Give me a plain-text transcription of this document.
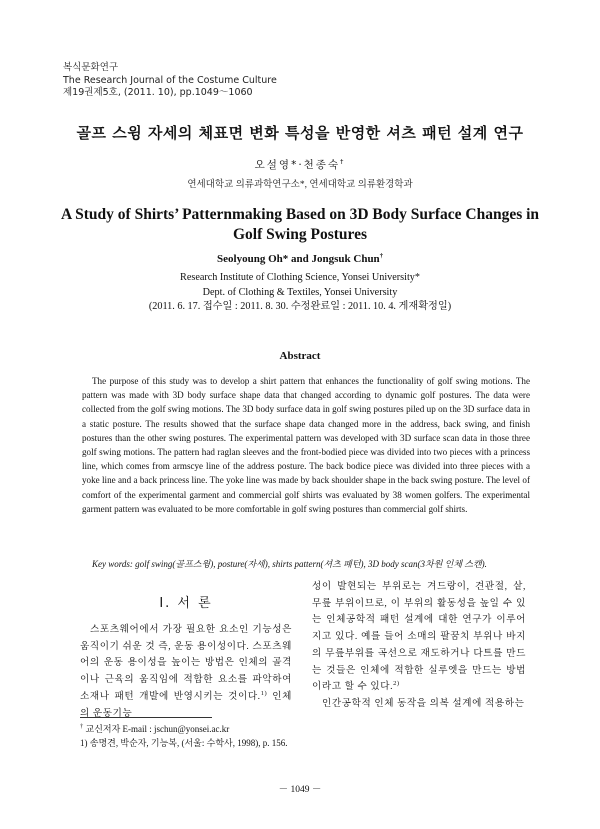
복식문화연구
The Research Journal of the Costume Culture
제19권제5호, (2011. 10), pp.1049～1060
골프 스윙 자세의 체표면 변화 특성을 반영한 셔츠 패턴 설계 연구
오설영*·천종숙†
연세대학교 의류과학연구소*, 연세대학교 의류환경학과
A Study of Shirts’ Patternmaking Based on 3D Body Surface Changes in Golf Swing Postures
Seolyoung Oh* and Jongsuk Chun†
Research Institute of Clothing Science, Yonsei University*
Dept. of Clothing & Textiles, Yonsei University
(2011. 6. 17. 접수일 : 2011. 8. 30. 수정완료일 : 2011. 10. 4. 게재확정일)
Abstract
The purpose of this study was to develop a shirt pattern that enhances the functionality of golf swing motions. The pattern was made with 3D body surface shape data that changed according to dynamic golf postures. The data were collected from the golf swing motions. The 3D body surface data in golf swing postures piled up on the 3D surface data in a static posture. The results showed that the surface shape data changed more in the address, back swing, and finish postures than the other swing postures. The experimental pattern was developed with 3D surface scan data in those three golf swing motions. The pattern had raglan sleeves and the front-bodied piece was divided into two pieces with a princess line, which comes from armscye line of the address posture. The back bodice piece was divided into three pieces with a yoke line and a back princess line. The yoke line was made by back shoulder shape in the back swing posture. The level of comfort of the experimental garment and commercial golf shirts was evaluated by 38 women golfers. The experimental garment pattern was evaluated to be more comfortable in golf swing postures than commercial golf shirts.
Key words: golf swing(골프스윙), posture(자세), shirts pattern(셔츠 패턴), 3D body scan(3차원 인체 스캔).
Ⅰ. 서 론

스포츠웨어에서 가장 필요한 요소인 기능성은 움직이기 쉬운 것 즉, 운동 용이성이다. 스포츠웨어의 운동 용이성을 높이는 방법은 인체의 골격이나 근육의 움직임에 적합한 요소를 파악하여 소재나 패턴 개발에 반영시키는 것이다.$^{1)}$ 인체의 운동기능

성이 발현되는 부위로는 겨드랑이, 견관절, 샅, 무릎 부위이므로, 이 부위의 활동성을 높일 수 있는 인체공학적 패턴 설계에 대한 연구가 이루어지고 있다. 예를 들어 소매의 팔꿈치 부위나 바지의 무릎부위를 곡선으로 재도하거나 다트를 만드는 것들은 인체에 적합한 실루엣을 만드는 방법이라고 할 수 있다.$^{2)}$

인간공학적 인체 동작을 의복 설계에 적용하는

† 교신저자 E-mail : jschun@yonsei.ac.kr
1) 송명견, 박순자, 기능복, (서울: 수학사, 1998), p. 156.
－ 1049 －
